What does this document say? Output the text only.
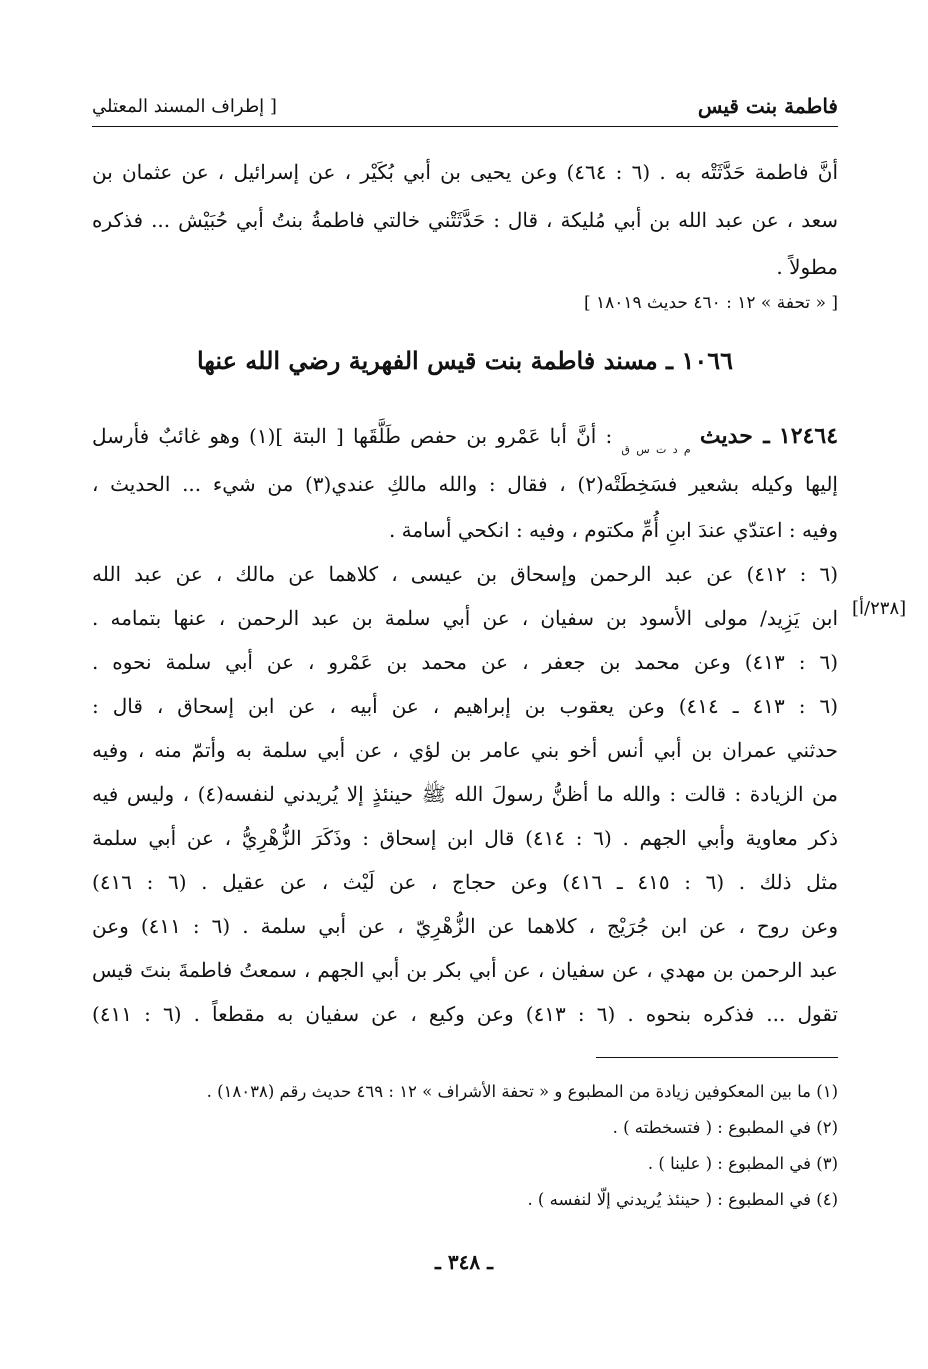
فاطمة بنت قيس
[ إطراف المسند المعتلي
أنَّ فاطمة حَدَّثَتْه به . (٦ : ٤٦٤) وعن يحيى بن أبي بُكَيْر ، عن إسرائيل ، عن عثمان بن
سعد ، عن عبد الله بن أبي مُليكة ، قال : حَدَّثَتْني خالتي فاطمةُ بنتُ أبي حُبَيْش ... فذكره
مطولاً .
[ « تحفة » ١٢ : ٤٦٠ حديث ١٨٠١٩ ]
١٠٦٦ ـ مسند فاطمة بنت قيس الفهرية رضي الله عنها
١٢٤٦٤ ـ حديث $_{م د ت س ق}$ : أنَّ أبا عَمْرو بن حفص طَلَّقَها [ البتة ](١) وهو غائبٌ فأرسل
إليها وكيله بشعير فسَخِطَتْه(٢) ، فقال : والله مالكِ عندي(٣) من شيء ... الحديث ،
وفيه : اعتدّي عندَ ابنِ أُمِّ مكتوم ، وفيه : انكحي أسامة .
(٦ : ٤١٢) عن عبد الرحمن وإسحاق بن عيسى ، كلاهما عن مالك ، عن عبد الله
ابن يَزِيد/ مولى الأسود بن سفيان ، عن أبي سلمة بن عبد الرحمن ، عنها بتمامه .
(٦ : ٤١٣) وعن محمد بن جعفر ، عن محمد بن عَمْرو ، عن أبي سلمة نحوه .
(٦ : ٤١٣ ـ ٤١٤) وعن يعقوب بن إبراهيم ، عن أبيه ، عن ابن إسحاق ، قال :
حدثني عمران بن أبي أنس أخو بني عامر بن لؤي ، عن أبي سلمة به وأتمّ منه ، وفيه
من الزيادة : قالت : والله ما أظنُّ رسولَ الله ﷺ حينئذٍ إلا يُريدني لنفسه(٤) ، وليس فيه
ذكر معاوية وأبي الجهم . (٦ : ٤١٤) قال ابن إسحاق : وذَكَرَ الزُّهْرِيُّ ، عن أبي سلمة
مثل ذلك . (٦ : ٤١٥ ـ ٤١٦) وعن حجاج ، عن لَيْث ، عن عقيل . (٦ : ٤١٦)
وعن روح ، عن ابن جُرَيْج ، كلاهما عن الزُّهْرِيّ ، عن أبي سلمة . (٦ : ٤١١) وعن
عبد الرحمن بن مهدي ، عن سفيان ، عن أبي بكر بن أبي الجهم ، سمعتُ فاطمةَ بنتَ قيس
تقول ... فذكره بنحوه . (٦ : ٤١٣) وعن وكيع ، عن سفيان به مقطعاً . (٦ : ٤١١)
[٢٣٨/أ]
(١) ما بين المعكوفين زيادة من المطبوع و « تحفة الأشراف » ١٢ : ٤٦٩ حديث رقم (١٨٠٣٨) .
(٢) في المطبوع : ( فتسخطته ) .
(٣) في المطبوع : ( علينا ) .
(٤) في المطبوع : ( حينئذ يُريدني إلّا لنفسه ) .
ـ ٣٤٨ ـ
